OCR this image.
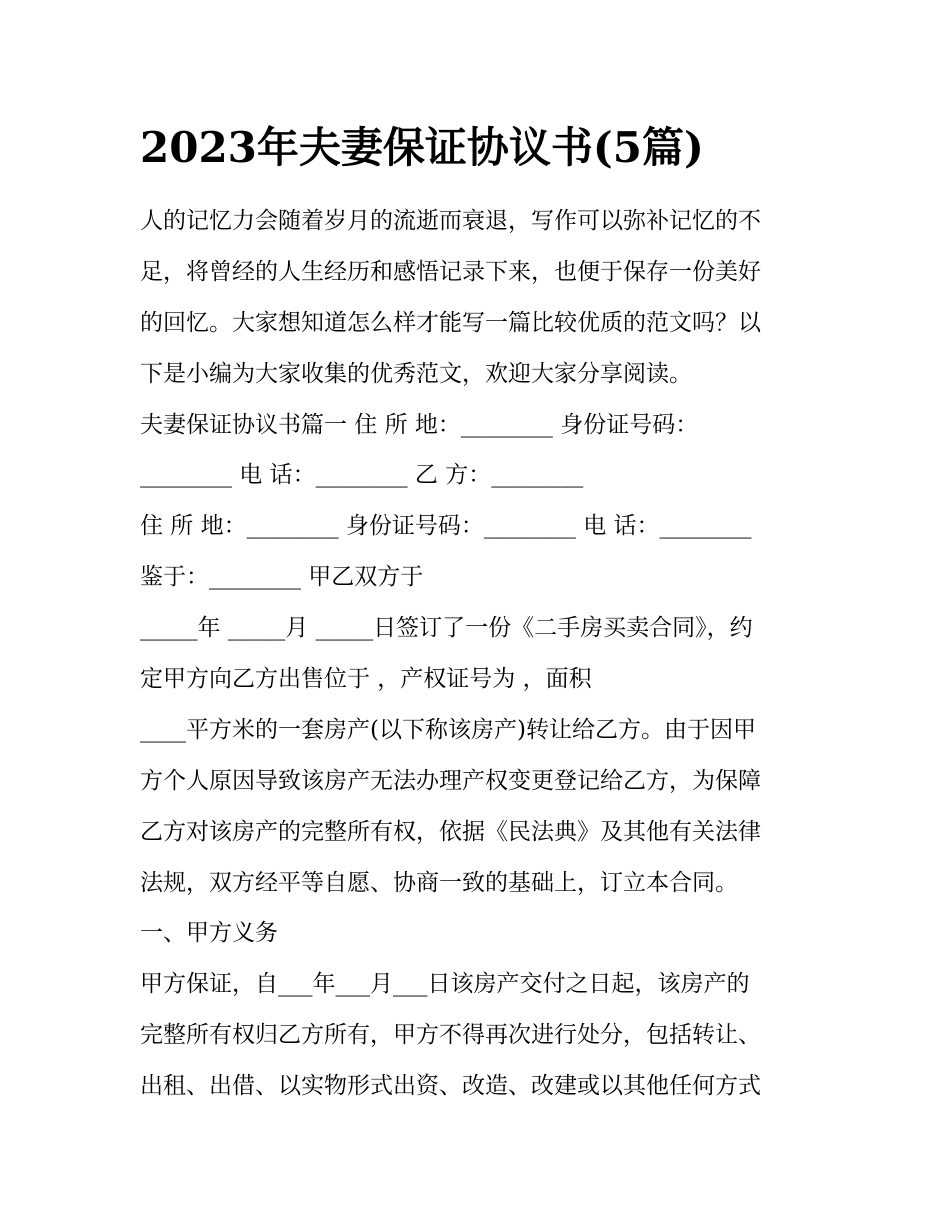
2023年夫妻保证协议书(5篇)
人的记忆力会随着岁月的流逝而衰退，写作可以弥补记忆的不
足，将曾经的人生经历和感悟记录下来，也便于保存一份美好
的回忆。大家想知道怎么样才能写一篇比较优质的范文吗？以
下是小编为大家收集的优秀范文，欢迎大家分享阅读。
夫妻保证协议书篇一 住 所 地：________ 身份证号码：
________ 电 话：________ 乙 方：________
住 所 地：________ 身份证号码：________ 电 话：________
鉴于：________ 甲乙双方于
_____年 _____月 _____日签订了一份《二手房买卖合同》，约
定甲方向乙方出售位于 ，产权证号为 ，面积
____平方米的一套房产(以下称该房产)转让给乙方。由于因甲
方个人原因导致该房产无法办理产权变更登记给乙方，为保障
乙方对该房产的完整所有权，依据《民法典》及其他有关法律
法规，双方经平等自愿、协商一致的基础上，订立本合同。
一、甲方义务
甲方保证，自___年___月___日该房产交付之日起，该房产的
完整所有权归乙方所有，甲方不得再次进行处分，包括转让、
出租、出借、以实物形式出资、改造、改建或以其他任何方式
